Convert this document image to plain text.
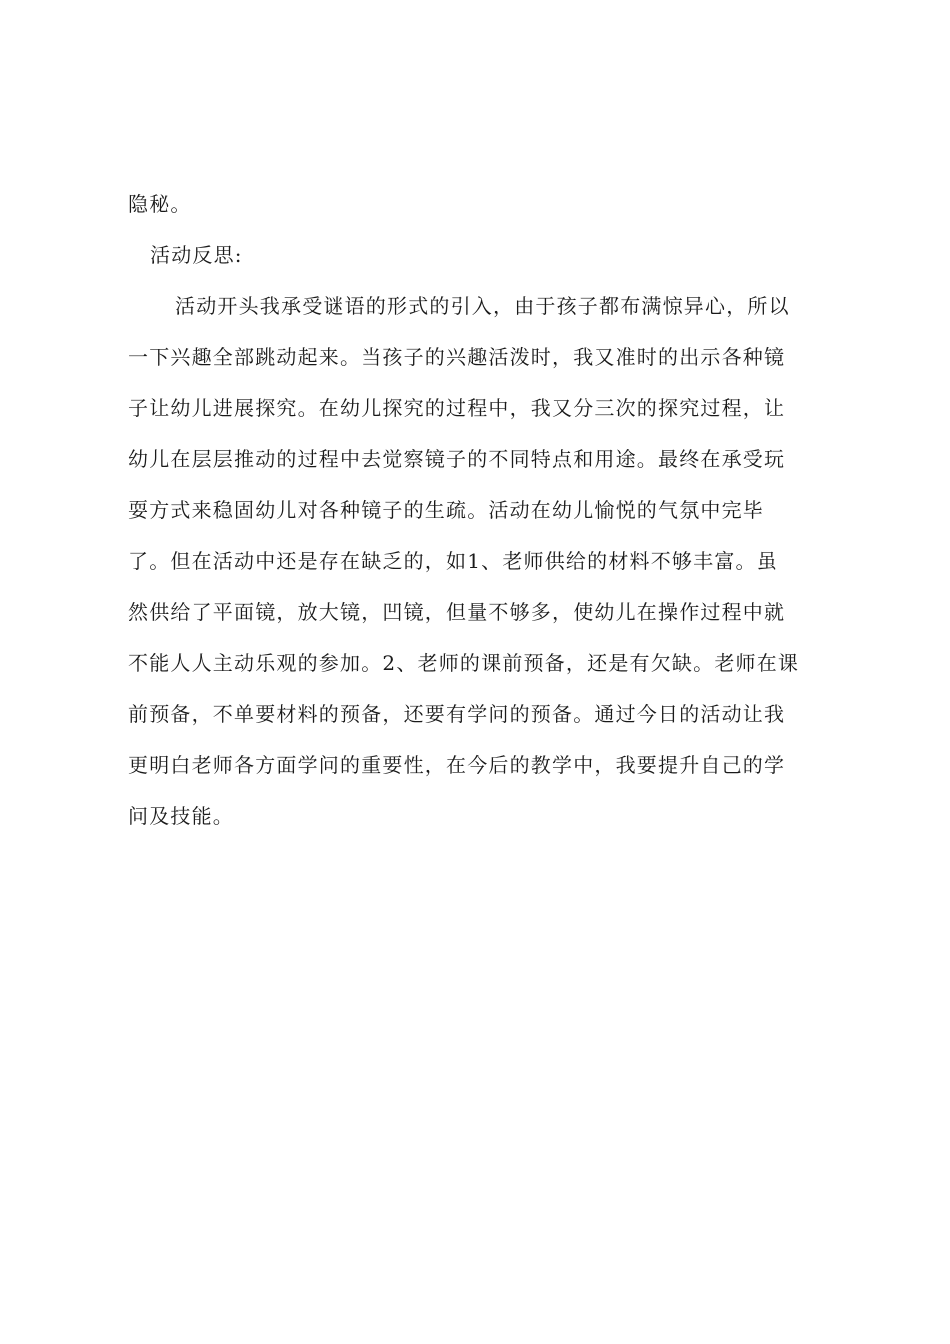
隐秘。
活动反思:
活动开头我承受谜语的形式的引入，由于孩子都布满惊异心，所以
一下兴趣全部跳动起来。当孩子的兴趣活泼时，我又准时的出示各种镜
子让幼儿进展探究。在幼儿探究的过程中，我又分三次的探究过程，让
幼儿在层层推动的过程中去觉察镜子的不同特点和用途。最终在承受玩
耍方式来稳固幼儿对各种镜子的生疏。活动在幼儿愉悦的气氛中完毕
了。但在活动中还是存在缺乏的，如1、老师供给的材料不够丰富。虽
然供给了平面镜，放大镜，凹镜，但量不够多，使幼儿在操作过程中就
不能人人主动乐观的参加。2、老师的课前预备，还是有欠缺。老师在课
前预备，不单要材料的预备，还要有学问的预备。通过今日的活动让我
更明白老师各方面学问的重要性，在今后的教学中，我要提升自己的学
问及技能。
